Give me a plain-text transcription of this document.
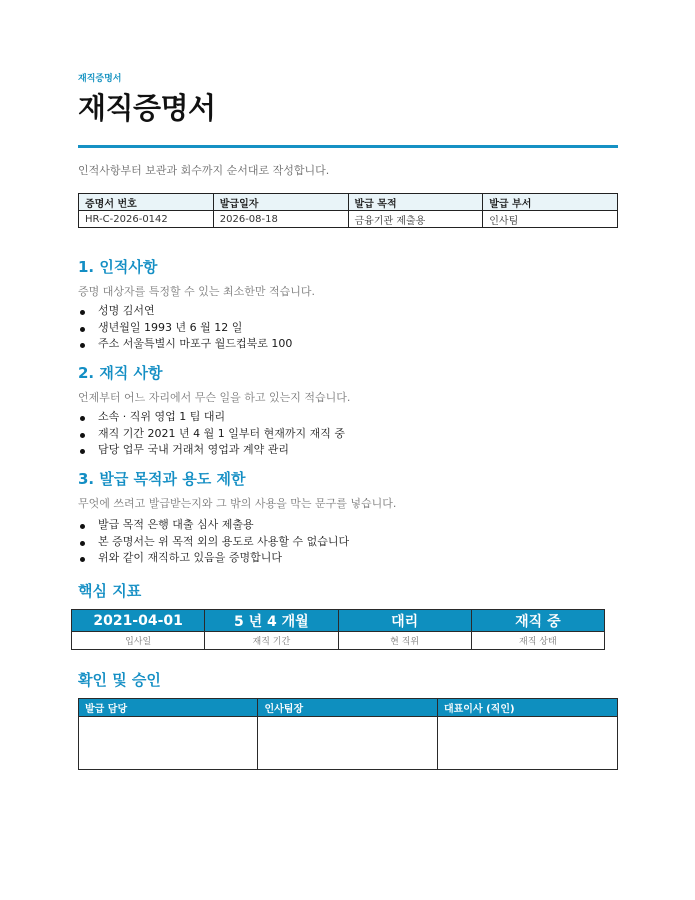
재직증명서
재직증명서
인적사항부터 보관과 회수까지 순서대로 작성합니다.
증명서 번호	발급일자	발급 목적	발급 부서
HR-C-2026-0142	2026-08-18	금융기관 제출용	인사팀
1. 인적사항
증명 대상자를 특정할 수 있는 최소한만 적습니다.
성명 김서연
생년월일 1993 년 6 월 12 일
주소 서울특별시 마포구 월드컵북로 100
2. 재직 사항
언제부터 어느 자리에서 무슨 일을 하고 있는지 적습니다.
소속 · 직위 영업 1 팀 대리
재직 기간 2021 년 4 월 1 일부터 현재까지 재직 중
담당 업무 국내 거래처 영업과 계약 관리
3. 발급 목적과 용도 제한
무엇에 쓰려고 발급받는지와 그 밖의 사용을 막는 문구를 넣습니다.
발급 목적 은행 대출 심사 제출용
본 증명서는 위 목적 외의 용도로 사용할 수 없습니다
위와 같이 재직하고 있음을 증명합니다
핵심 지표
2021-04-01	5 년 4 개월	대리	재직 중
입사일	재직 기간	현 직위	재직 상태
확인 및 승인
발급 담당	인사팀장	대표이사 (직인)
